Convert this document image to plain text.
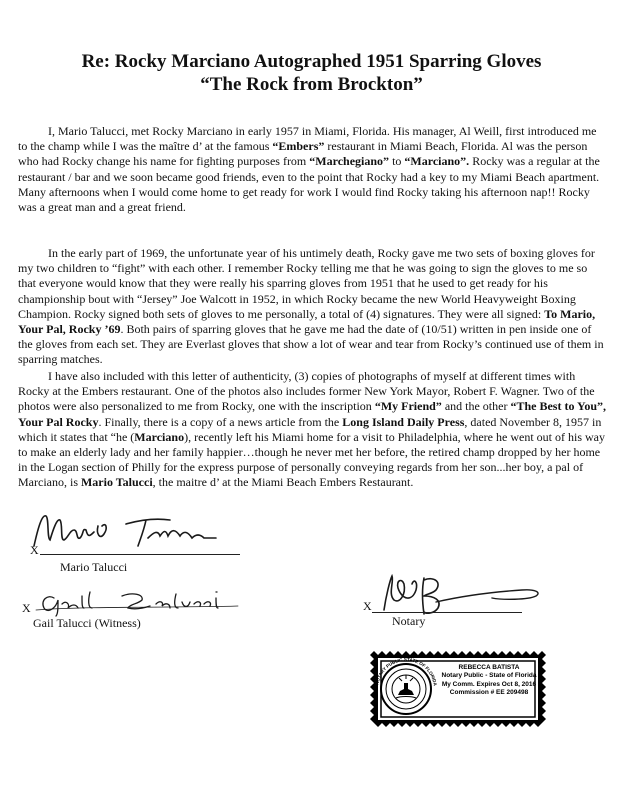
Re: Rocky Marciano Autographed 1951 Sparring Gloves
“The Rock from Brockton”

I, Mario Talucci, met Rocky Marciano in early 1957 in Miami, Florida. His manager, Al Weill, first introduced me to the champ while I was the maître d’ at the famous “Embers” restaurant in Miami Beach, Florida. Al was the person who had Rocky change his name for fighting purposes from “Marchegiano” to “Marciano”. Rocky was a regular at the restaurant / bar and we soon became good friends, even to the point that Rocky had a key to my Miami Beach apartment. Many afternoons when I would come home to get ready for work I would find Rocky taking his afternoon nap!! Rocky was a great man and a great friend.

In the early part of 1969, the unfortunate year of his untimely death, Rocky gave me two sets of boxing gloves for my two children to “fight” with each other. I remember Rocky telling me that he was going to sign the gloves to me so that everyone would know that they were really his sparring gloves from 1951 that he used to get ready for his championship bout with “Jersey” Joe Walcott in 1952, in which Rocky became the new World Heavyweight Boxing Champion. Rocky signed both sets of gloves to me personally, a total of (4) signatures. They were all signed: To Mario, Your Pal, Rocky ’69. Both pairs of sparring gloves that he gave me had the date of (10/51) written in pen inside one of the gloves from each set. They are Everlast gloves that show a lot of wear and tear from Rocky’s continued use of them in sparring matches.

I have also included with this letter of authenticity, (3) copies of photographs of myself at different times with Rocky at the Embers restaurant. One of the photos also includes former New York Mayor, Robert F. Wagner. Two of the photos were also personalized to me from Rocky, one with the inscription “My Friend” and the other “The Best to You”, Your Pal Rocky. Finally, there is a copy of a news article from the Long Island Daily Press, dated November 8, 1957 in which it states that “he (Marciano), recently left his Miami home for a visit to Philadelphia, where he went out of his way to make an elderly lady and her family happier…though he never met her before, the retired champ dropped by her home in the Logan section of Philly for the express purpose of personally conveying regards from her son...her boy, a pal of Marciano, is Mario Talucci, the maitre d’ at the Miami Beach Embers Restaurant.

X
Mario Talucci
X
Gail Talucci (Witness)
X
Notary
NOTARY PUBLIC STATE OF FLORIDA
· · ·
REBECCA BATISTA
Notary Public - State of Florida
My Comm. Expires Oct 8, 2016
Commission # EE 209498
